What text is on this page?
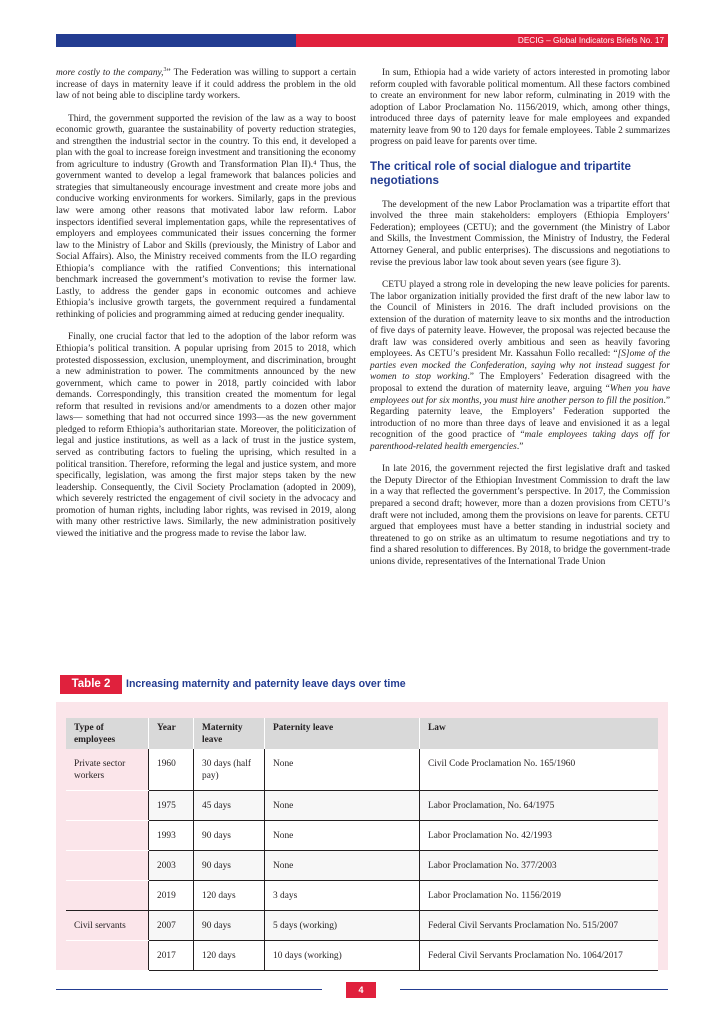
DECIG – Global Indicators Briefs No. 17

more costly to the company,$^3$” The Federation was willing to support a certain increase of days in maternity leave if it could address the problem in the old law of not being able to discipline tardy workers.

Third, the government supported the revision of the law as a way to boost economic growth, guarantee the sustainability of poverty reduction strategies, and strengthen the industrial sector in the country. To this end, it developed a plan with the goal to increase foreign investment and transitioning the economy from agriculture to industry (Growth and Transformation Plan II).⁴ Thus, the government wanted to develop a legal framework that balances policies and strategies that simultaneously encourage investment and create more jobs and conducive working environments for workers. Similarly, gaps in the previous law were among other reasons that motivated labor law reform. Labor inspectors identified several implementation gaps, while the representatives of employers and employees communicated their issues concerning the former law to the Ministry of Labor and Skills (previously, the Ministry of Labor and Social Affairs). Also, the Ministry received comments from the ILO regarding Ethiopia’s compliance with the ratified Conventions; this international benchmark increased the government’s motivation to revise the former law. Lastly, to address the gender gaps in economic outcomes and achieve Ethiopia’s inclusive growth targets, the government required a fundamental rethinking of policies and programming aimed at reducing gender inequality.

Finally, one crucial factor that led to the adoption of the labor reform was Ethiopia’s political transition. A popular uprising from 2015 to 2018, which protested dispossession, exclusion, unemployment, and discrimination, brought a new administration to power. The commitments announced by the new government, which came to power in 2018, partly coincided with labor demands. Correspondingly, this transition created the momentum for legal reform that resulted in revisions and/or amendments to a dozen other major laws— something that had not occurred since 1993—as the new government pledged to reform Ethiopia’s authoritarian state. Moreover, the politicization of legal and justice institutions, as well as a lack of trust in the justice system, served as contributing factors to fueling the uprising, which resulted in a political transition. Therefore, reforming the legal and justice system, and more specifically, legislation, was among the first major steps taken by the new leadership. Consequently, the Civil Society Proclamation (adopted in 2009), which severely restricted the engagement of civil society in the advocacy and promotion of human rights, including labor rights, was revised in 2019, along with many other restrictive laws. Similarly, the new administration positively viewed the initiative and the progress made to revise the labor law.

In sum, Ethiopia had a wide variety of actors interested in promoting labor reform coupled with favorable political momentum. All these factors combined to create an environment for new labor reform, culminating in 2019 with the adoption of Labor Proclamation No. 1156/2019, which, among other things, introduced three days of paternity leave for male employees and expanded maternity leave from 90 to 120 days for female employees. Table 2 summarizes progress on paid leave for parents over time.

The critical role of social dialogue and tripartite negotiations

The development of the new Labor Proclamation was a tripartite effort that involved the three main stakeholders: employers (Ethiopia Employers’ Federation); employees (CETU); and the government (the Ministry of Labor and Skills, the Investment Commission, the Ministry of Industry, the Federal Attorney General, and public enterprises). The discussions and negotiations to revise the previous labor law took about seven years (see figure 3).

CETU played a strong role in developing the new leave policies for parents. The labor organization initially provided the first draft of the new labor law to the Council of Ministers in 2016. The draft included provisions on the extension of the duration of maternity leave to six months and the introduction of five days of paternity leave. However, the proposal was rejected because the draft law was considered overly ambitious and seen as heavily favoring employees. As CETU’s president Mr. Kassahun Follo recalled: “[S]ome of the parties even mocked the Confederation, saying why not instead suggest for women to stop working.” The Employers’ Federation disagreed with the proposal to extend the duration of maternity leave, arguing “When you have employees out for six months, you must hire another person to fill the position.” Regarding paternity leave, the Employers’ Federation supported the introduction of no more than three days of leave and envisioned it as a legal recognition of the good practice of “male employees taking days off for parenthood-related health emergencies.”

In late 2016, the government rejected the first legislative draft and tasked the Deputy Director of the Ethiopian Investment Commission to draft the law in a way that reflected the government’s perspective. In 2017, the Commission prepared a second draft; however, more than a dozen provisions from CETU’s draft were not included, among them the provisions on leave for parents. CETU argued that employees must have a better standing in industrial society and threatened to go on strike as an ultimatum to resume negotiations and try to find a shared resolution to differences. By 2018, to bridge the government-trade unions divide, representatives of the International Trade Union

Table 2	Increasing maternity and paternity leave days over time
Type of employees	Year	Maternity leave	Paternity leave	Law
Private sector workers	1960	30 days (half pay)	None	Civil Code Proclamation No. 165/1960
	1975	45 days	None	Labor Proclamation, No. 64/1975
	1993	90 days	None	Labor Proclamation No. 42/1993
	2003	90 days	None	Labor Proclamation No. 377/2003
	2019	120 days	3 days	Labor Proclamation No. 1156/2019
Civil servants	2007	90 days	5 days (working)	Federal Civil Servants Proclamation No. 515/2007
	2017	120 days	10 days (working)	Federal Civil Servants Proclamation No. 1064/2017
4
